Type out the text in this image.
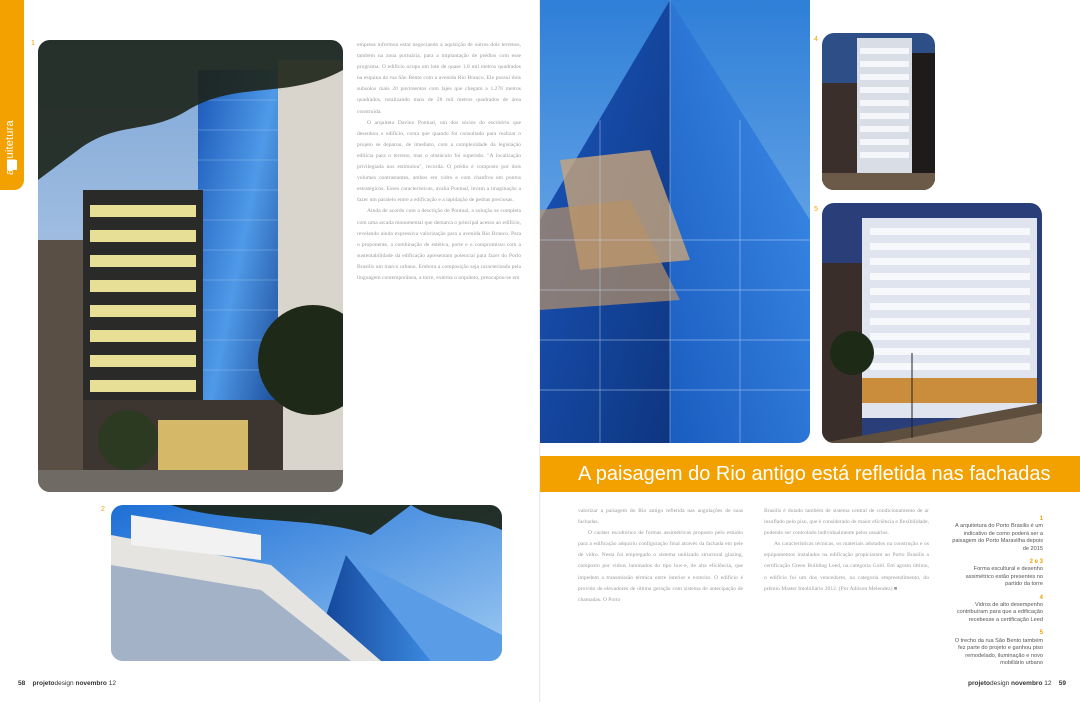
arquitetura
1	empresa informou estar negociando a aquisição de outros dois terrenos, também na zona portuária, para a implantação de prédios com esse programa. O edifício ocupa um lote de quase 1,8 mil metros quadrados na esquina da rua São Bento com a avenida Rio Branco. Ele possui dois subsolos mais 20 pavimentos com lajes que chegam a 1.270 metros quadrados, totalizando mais de 28 mil metros quadrados de área construída.

O arquiteto Davino Pontual, um dos sócios do escritório que desenhou o edifício, conta que quando foi consultado para realizar o projeto se deparou, de imediato, com a complexidade da legislação edilícia para o terreno, mas o obstáculo foi superado. "A localização privilegiada nos estimulou", recorda. O prédio é composto por dois volumes contrastantes, ambos em vidro e com chanfros em pontos estratégicos. Esses características, avalia Pontual, levam a imaginação a fazer um paralelo entre a edificação e a lapidação de pedras preciosas.

Ainda de acordo com a descrição de Pontual, a solução se completa com uma arcada monumental que demarca o principal acesso ao edifício, revelando ainda expressiva valorização para a avenida Rio Branco. Para o proponente, a combinação de estética, porte e o compromisso com a sustentabilidade da edificação apresentam potencial para fazer do Porto Brasilis um marco urbano. Embora a composição seja caracterizada pela linguagem contemporânea, a torre, externa o arquiteto, preocupou-se em

2
4
5
A paisagem do Rio antigo está refletida nas fachadas

valorizar a paisagem do Rio antigo refletida nas angulações de suas fachadas.

O caráter escultórico de formas assimétricas proposto pelo estúdio para a edificação adquiriu configuração final através da fachada em pele de vidro. Nesta foi empregado o sistema unitizado structural glazing, composto por vidros laminados do tipo low-e, de alta eficiência, que impedem a transmissão térmica entre interior e exterior. O edifício é provido de elevadores de última geração com sistema de antecipação de chamadas. O Porto

Brasilis é dotado também de sistema central de condicionamento de ar insuflado pelo piso, que é considerado de maior eficiência e flexibilidade, podendo ser controlado individualmente pelos usuários.

As características técnicas, os materiais adotados na construção e os equipamentos instalados na edificação propiciaram ao Porto Brasilis a certificação Green Building Leed, na categoria Gold. Em agosto último, o edifício foi um dos vencedores, na categoria empreendimento, do prêmio Master Imobiliário 2012. (Por Adilson Melendez) ■

1
A arquitetura do Porto Brasilis é um indicativo de como poderá ser a paisagem do Porto Maravilha depois de 2015
2 e 3
Forma escultural e desenho assimétrico estão presentes no partido da torre
4
Vidros de alto desempenho contribuíram para que a edificação recebesse a certificação Leed
5
O trecho da rua São Bento também fez parte do projeto e ganhou piso remodelado, iluminação e novo mobiliário urbano
58 projetodesign novembro 12	projetodesign novembro 12 59
